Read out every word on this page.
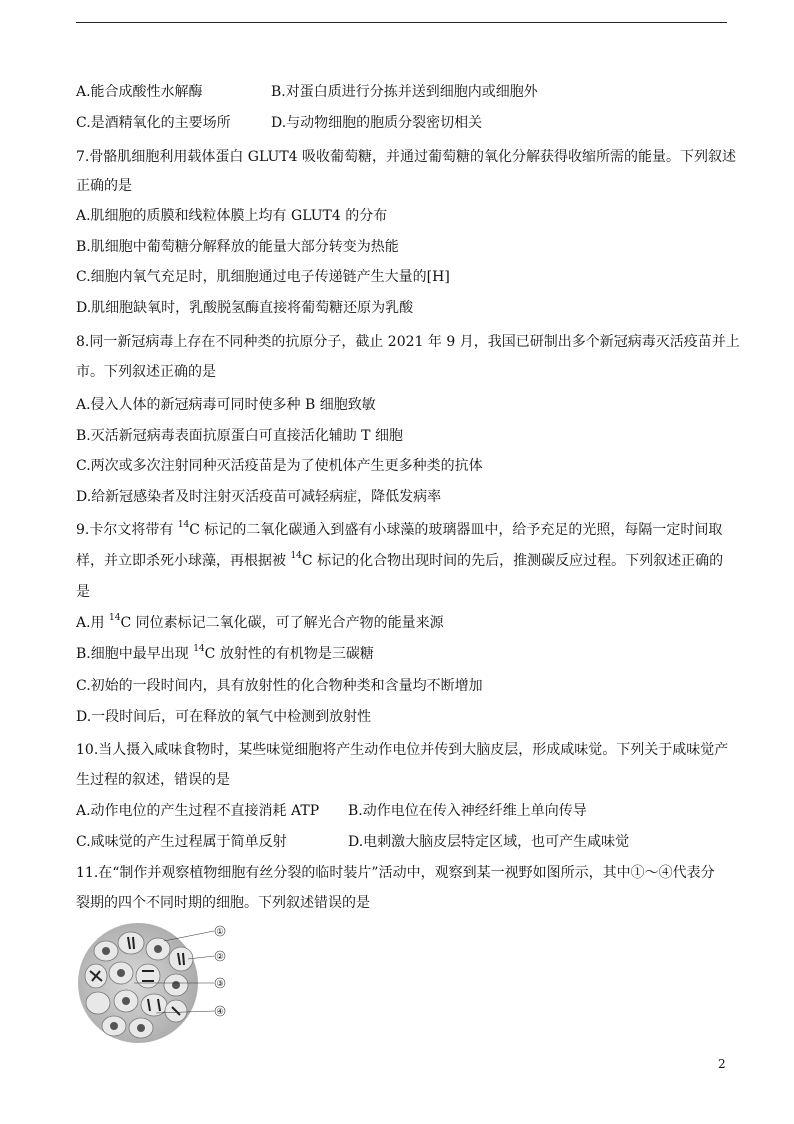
A.能合成酸性水解酶	B.对蛋白质进行分拣并送到细胞内或细胞外
C.是酒精氧化的主要场所	D.与动物细胞的胞质分裂密切相关
7.骨骼肌细胞利用载体蛋白 GLUT4 吸收葡萄糖，并通过葡萄糖的氧化分解获得收缩所需的能量。下列叙述
正确的是
A.肌细胞的质膜和线粒体膜上均有 GLUT4 的分布
B.肌细胞中葡萄糖分解释放的能量大部分转变为热能
C.细胞内氧气充足时，肌细胞通过电子传递链产生大量的[H]
D.肌细胞缺氧时，乳酸脱氢酶直接将葡萄糖还原为乳酸
8.同一新冠病毒上存在不同种类的抗原分子，截止 2021 年 9 月，我国已研制出多个新冠病毒灭活疫苗并上
市。下列叙述正确的是
A.侵入人体的新冠病毒可同时使多种 B 细胞致敏
B.灭活新冠病毒表面抗原蛋白可直接活化辅助 T 细胞
C.两次或多次注射同种灭活疫苗是为了使机体产生更多种类的抗体
D.给新冠感染者及时注射灭活疫苗可减轻病症，降低发病率
9.卡尔文将带有 $^{14}$C 标记的二氧化碳通入到盛有小球藻的玻璃器皿中，给予充足的光照，每隔一定时间取
样，并立即杀死小球藻，再根据被 $^{14}$C 标记的化合物出现时间的先后，推测碳反应过程。下列叙述正确的
是
A.用 $^{14}$C 同位素标记二氧化碳，可了解光合产物的能量来源
B.细胞中最早出现 $^{14}$C 放射性的有机物是三碳糖
C.初始的一段时间内，具有放射性的化合物种类和含量均不断增加
D.一段时间后，可在释放的氧气中检测到放射性
10.当人摄入咸味食物时，某些味觉细胞将产生动作电位并传到大脑皮层，形成咸味觉。下列关于咸味觉产
生过程的叙述，错误的是
A.动作电位的产生过程不直接消耗 ATP B.动作电位在传入神经纤维上单向传导
C.咸味觉的产生过程属于简单反射	D.电刺激大脑皮层特定区域，也可产生咸味觉
11.在“制作并观察植物细胞有丝分裂的临时装片”活动中，观察到某一视野如图所示，其中①～④代表分
裂期的四个不同时期的细胞。下列叙述错误的是
①
②
③
④
2
